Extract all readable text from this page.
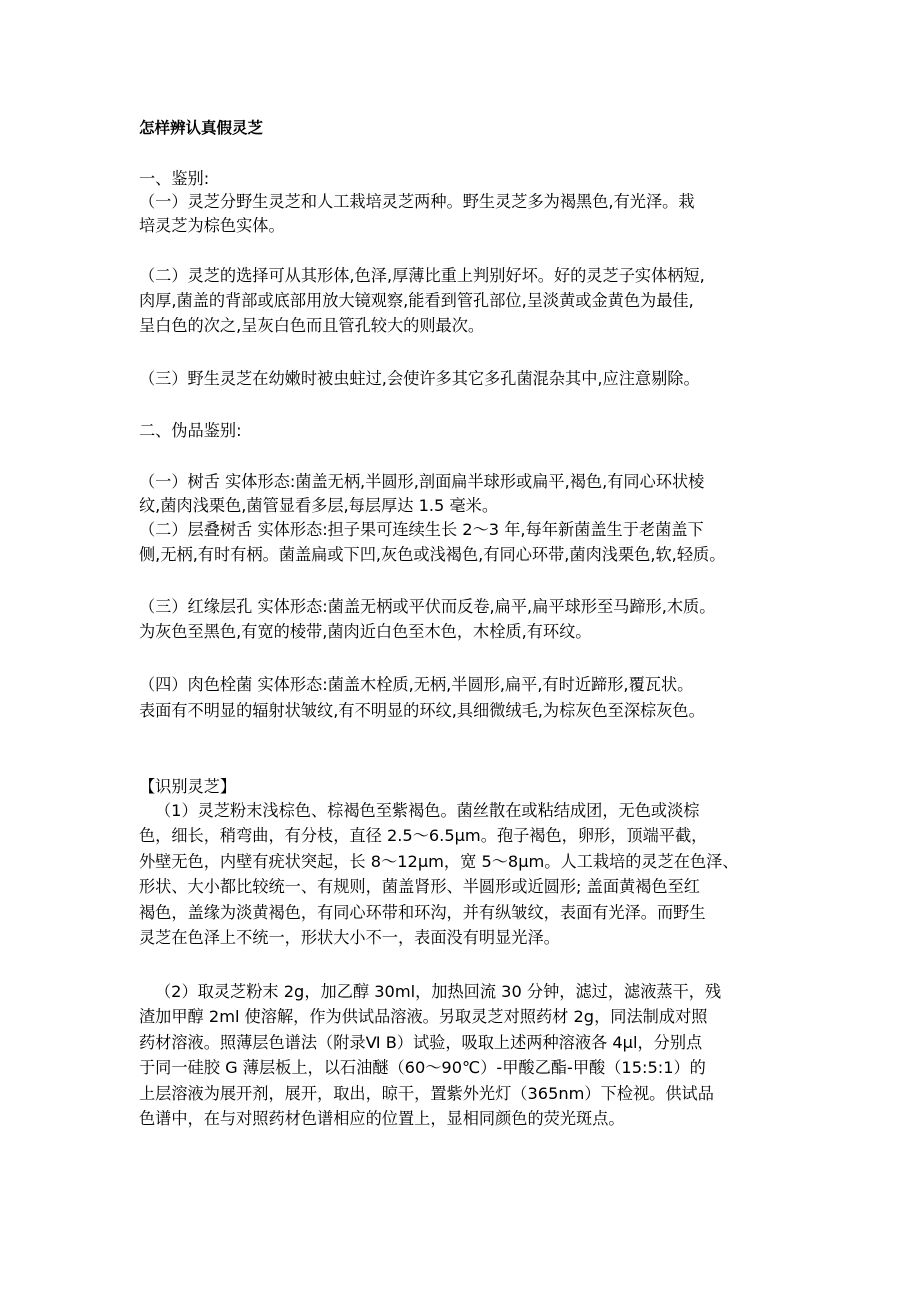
怎样辨认真假灵芝
一、鉴别:
（一）灵芝分野生灵芝和人工栽培灵芝两种。野生灵芝多为褐黑色,有光泽。栽
培灵芝为棕色实体。
（二）灵芝的选择可从其形体,色泽,厚薄比重上判别好坏。好的灵芝子实体柄短,
肉厚,菌盖的背部或底部用放大镜观察,能看到管孔部位,呈淡黄或金黄色为最佳,
呈白色的次之,呈灰白色而且管孔较大的则最次。
（三）野生灵芝在幼嫩时被虫蛀过,会使许多其它多孔菌混杂其中,应注意剔除。
二、伪品鉴别:
（一）树舌 实体形态:菌盖无柄,半圆形,剖面扁半球形或扁平,褐色,有同心环状棱
纹,菌肉浅栗色,菌管显看多层,每层厚达 1.5 毫米。
（二）层叠树舌 实体形态:担子果可连续生长 2～3 年,每年新菌盖生于老菌盖下
侧,无柄,有时有柄。菌盖扁或下凹,灰色或浅褐色,有同心环带,菌肉浅栗色,软,轻质。
（三）红缘层孔 实体形态:菌盖无柄或平伏而反卷,扁平,扁平球形至马蹄形,木质。
为灰色至黑色,有宽的棱带,菌肉近白色至木色，木栓质,有环纹。
（四）肉色栓菌 实体形态:菌盖木栓质,无柄,半圆形,扁平,有时近蹄形,覆瓦状。
表面有不明显的辐射状皱纹,有不明显的环纹,具细微绒毛,为棕灰色至深棕灰色。
【识别灵芝】
（1）灵芝粉末浅棕色、棕褐色至紫褐色。菌丝散在或粘结成团，无色或淡棕
色，细长，稍弯曲，有分枝，直径 2.5～6.5μm。孢子褐色，卵形，顶端平截，
外壁无色，内壁有疣状突起，长 8～12μm，宽 5～8μm。人工栽培的灵芝在色泽、
形状、大小都比较统一、有规则，菌盖肾形、半圆形或近圆形; 盖面黄褐色至红
褐色，盖缘为淡黄褐色，有同心环带和环沟，并有纵皱纹，表面有光泽。而野生
灵芝在色泽上不统一，形状大小不一，表面没有明显光泽。
（2）取灵芝粉末 2g，加乙醇 30ml，加热回流 30 分钟，滤过，滤液蒸干，残
渣加甲醇 2ml 使溶解，作为供试品溶液。另取灵芝对照药材 2g，同法制成对照
药材溶液。照薄层色谱法（附录Ⅵ B）试验，吸取上述两种溶液各 4μl，分别点
于同一硅胶 G 薄层板上，以石油醚（60～90℃）-甲酸乙酯-甲酸（15:5:1）的
上层溶液为展开剂，展开，取出，晾干，置紫外光灯（365nm）下检视。供试品
色谱中，在与对照药材色谱相应的位置上，显相同颜色的荧光斑点。
